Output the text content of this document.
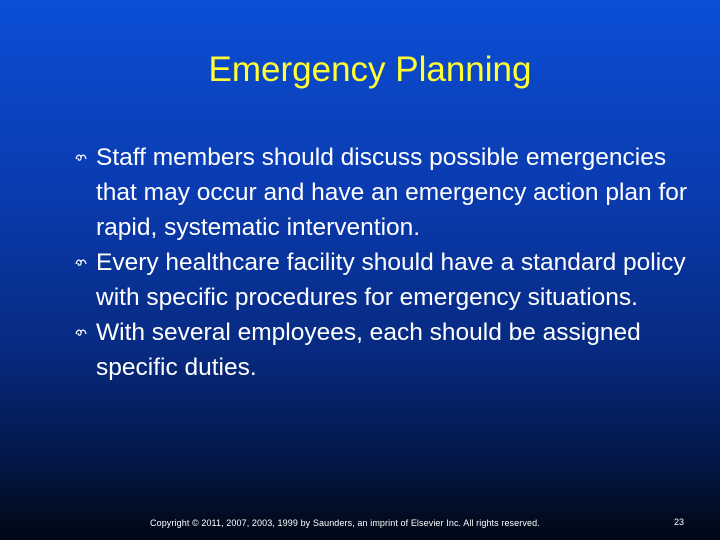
Emergency Planning
Staff members should discuss possible emergencies that may occur and have an emergency action plan for rapid, systematic intervention.
Every healthcare facility should have a standard policy with specific procedures for emergency situations.
With several employees, each should be assigned specific duties.
Copyright © 2011, 2007, 2003, 1999 by Saunders, an imprint of Elsevier Inc. All rights reserved.	23
